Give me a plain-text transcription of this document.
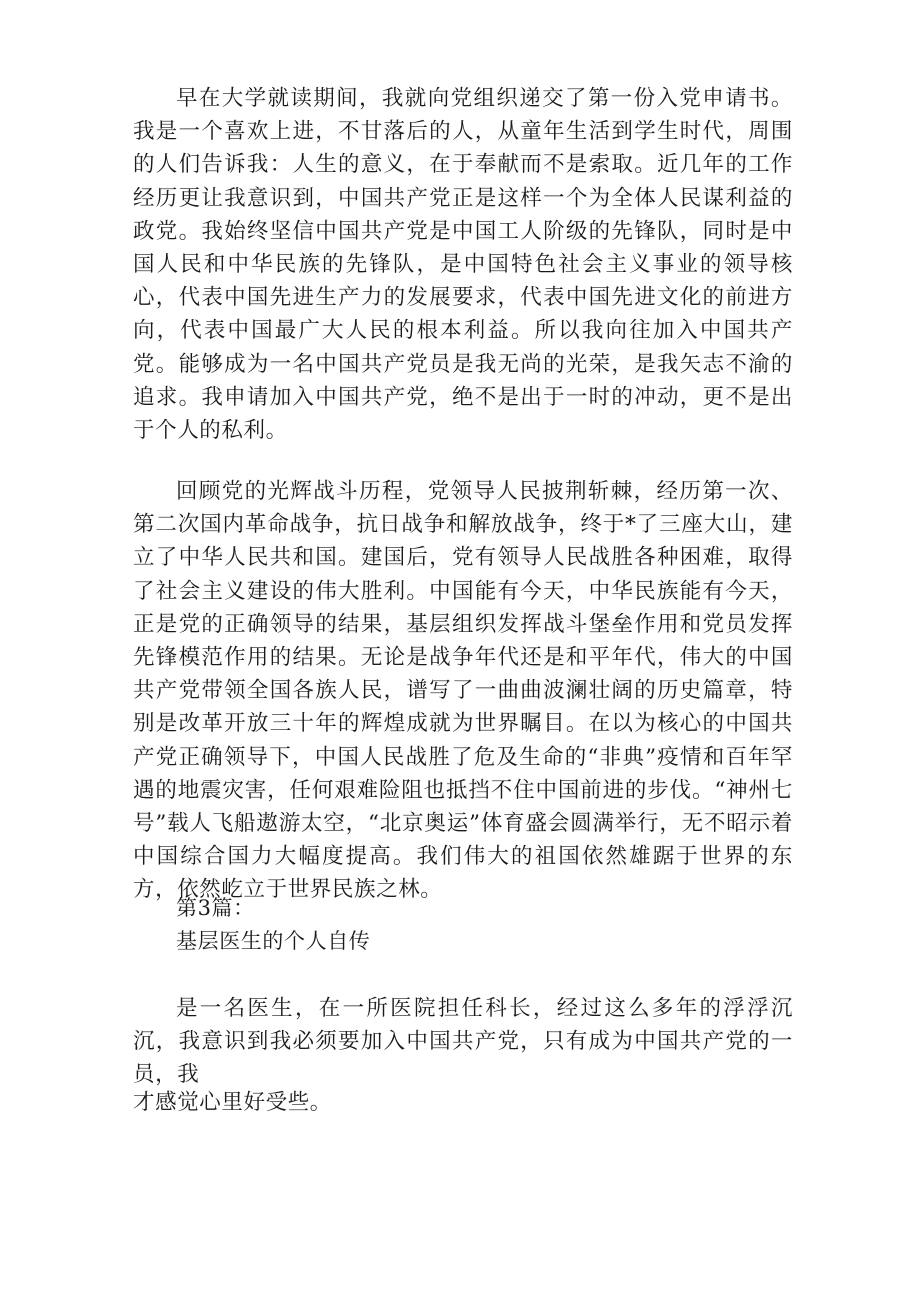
早在大学就读期间，我就向党组织递交了第一份入党申请书。我是一个喜欢上进，不甘落后的人，从童年生活到学生时代，周围的人们告诉我：人生的意义，在于奉献而不是索取。近几年的工作经历更让我意识到，中国共产党正是这样一个为全体人民谋利益的政党。我始终坚信中国共产党是中国工人阶级的先锋队，同时是中国人民和中华民族的先锋队，是中国特色社会主义事业的领导核心，代表中国先进生产力的发展要求，代表中国先进文化的前进方向，代表中国最广大人民的根本利益。所以我向往加入中国共产党。能够成为一名中国共产党员是我无尚的光荣，是我矢志不渝的追求。我申请加入中国共产党，绝不是出于一时的冲动，更不是出于个人的私利。

回顾党的光辉战斗历程，党领导人民披荆斩棘，经历第一次、第二次国内革命战争，抗日战争和解放战争，终于*了三座大山，建立了中华人民共和国。建国后，党有领导人民战胜各种困难，取得了社会主义建设的伟大胜利。中国能有今天，中华民族能有今天，正是党的正确领导的结果，基层组织发挥战斗堡垒作用和党员发挥先锋模范作用的结果。无论是战争年代还是和平年代，伟大的中国共产党带领全国各族人民，谱写了一曲曲波澜壮阔的历史篇章，特别是改革开放三十年的辉煌成就为世界瞩目。在以为核心的中国共产党正确领导下，中国人民战胜了危及生命的“非典”疫情和百年罕遇的地震灾害，任何艰难险阻也抵挡不住中国前进的步伐。“神州七号”载人飞船遨游太空，“北京奥运”体育盛会圆满举行，无不昭示着中国综合国力大幅度提高。我们伟大的祖国依然雄踞于世界的东方，依然屹立于世界民族之林。

第3篇：

基层医生的个人自传

是一名医生，在一所医院担任科长，经过这么多年的浮浮沉沉，我意识到我必须要加入中国共产党，只有成为中国共产党的一员，我

才感觉心里好受些。
